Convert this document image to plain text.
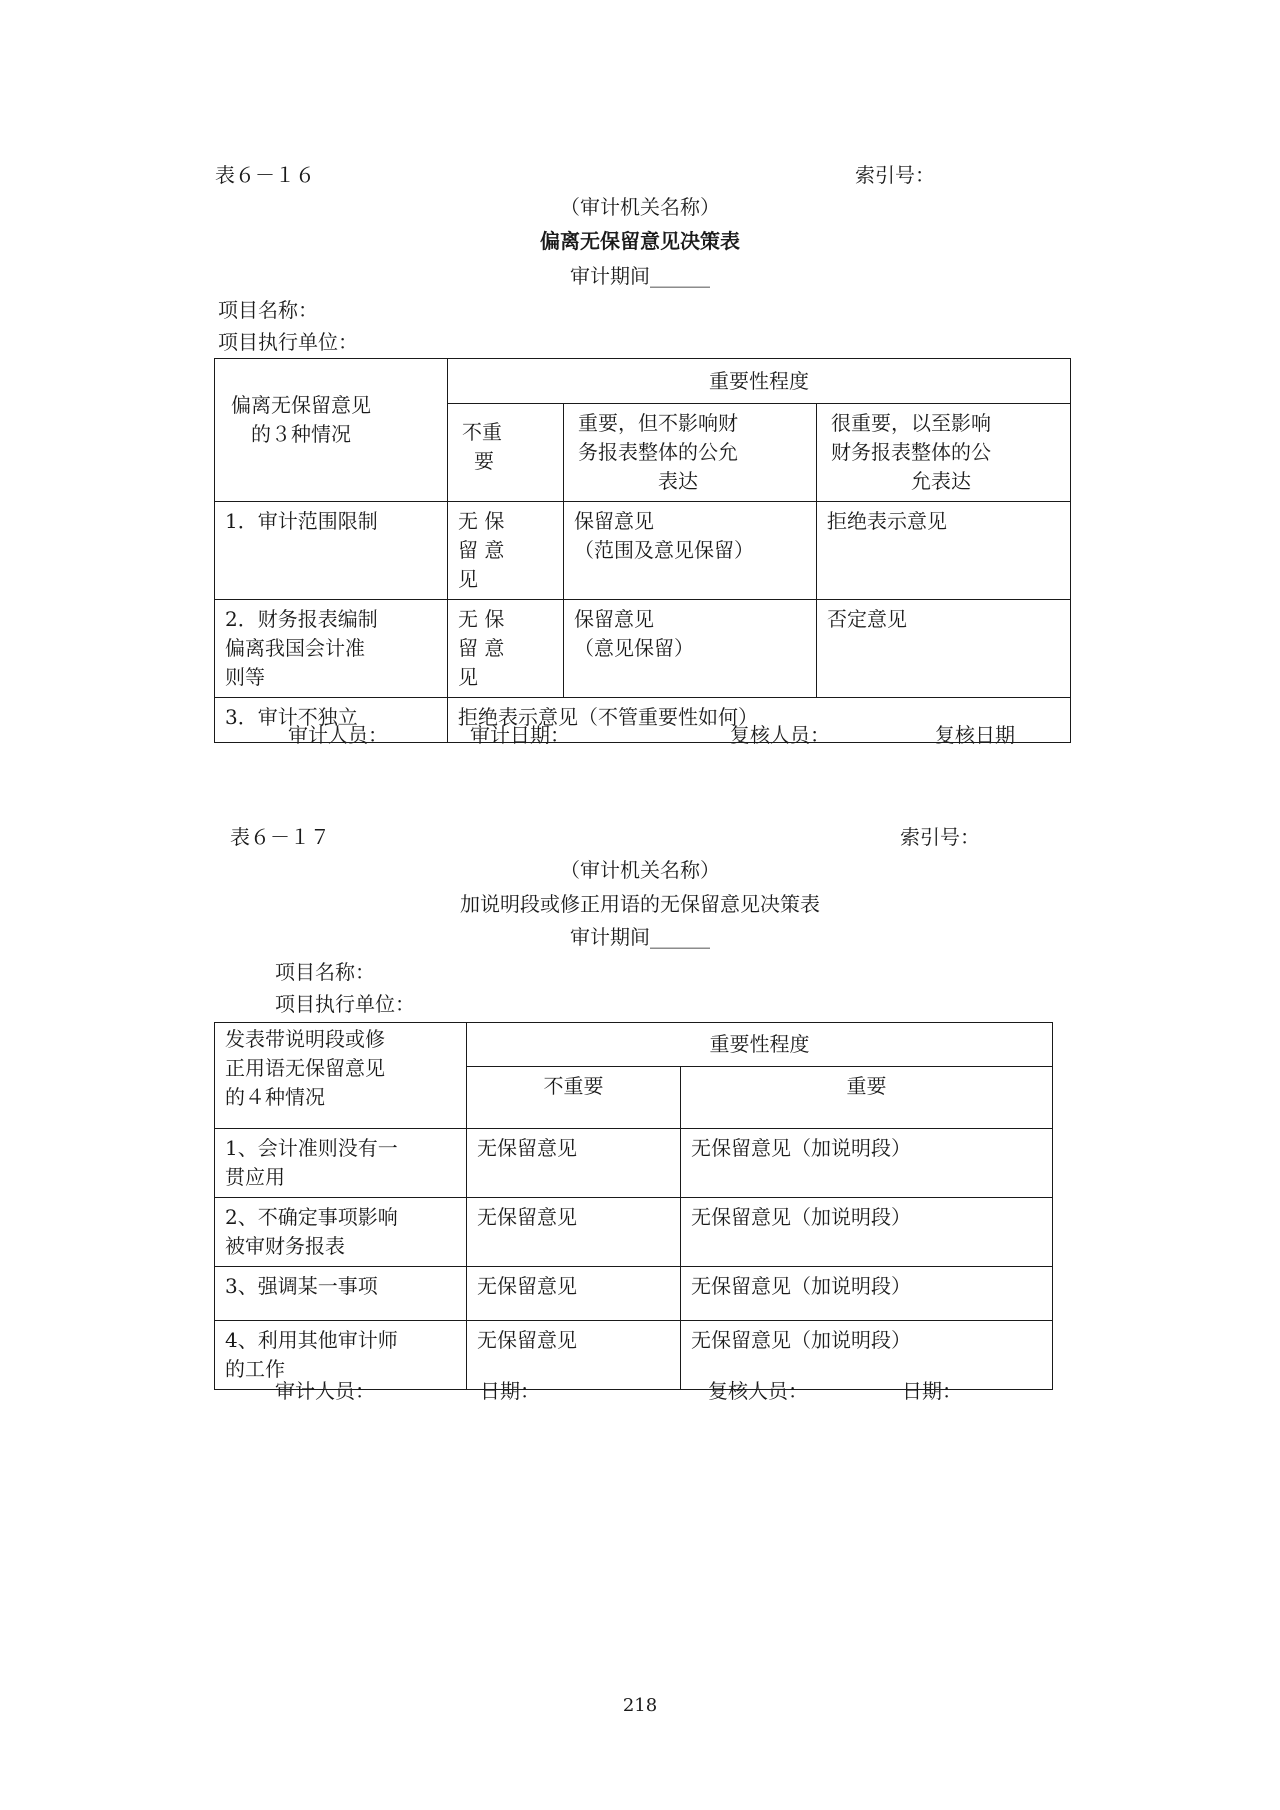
表６－１６	索引号：
（审计机关名称）
偏离无保留意见决策表
审计期间______
项目名称：
项目执行单位：
偏离无保留意见
的３种情况	重要性程度		

	不重
要	重要，但不影响财
务报表整体的公允
表达	很重要，以至影响
财务报表整体的公
允表达

1．审计范围限制	无 保
留 意
见	保留意见
（范围及意见保留）	拒绝表示意见

2．财务报表编制
偏离我国会计准
则等	无 保
留 意
见	保留意见
（意见保留）	否定意见

3．审计不独立	拒绝表示意见（不管重要性如何）		
审计人员：	审计日期：	复核人员：	复核日期
表６－１７	索引号：
（审计机关名称）
加说明段或修正用语的无保留意见决策表
审计期间______
项目名称：
项目执行单位：
发表带说明段或修
正用语无保留意见
的４种情况	重要性程度	
	不重要	重要

1、会计准则没有一
贯应用	无保留意见	无保留意见（加说明段）

2、不确定事项影响
被审财务报表	无保留意见	无保留意见（加说明段）

3、强调某一事项	无保留意见	无保留意见（加说明段）

4、利用其他审计师
的工作	无保留意见	无保留意见（加说明段）
审计人员：	日期：	复核人员：	日期：
218
